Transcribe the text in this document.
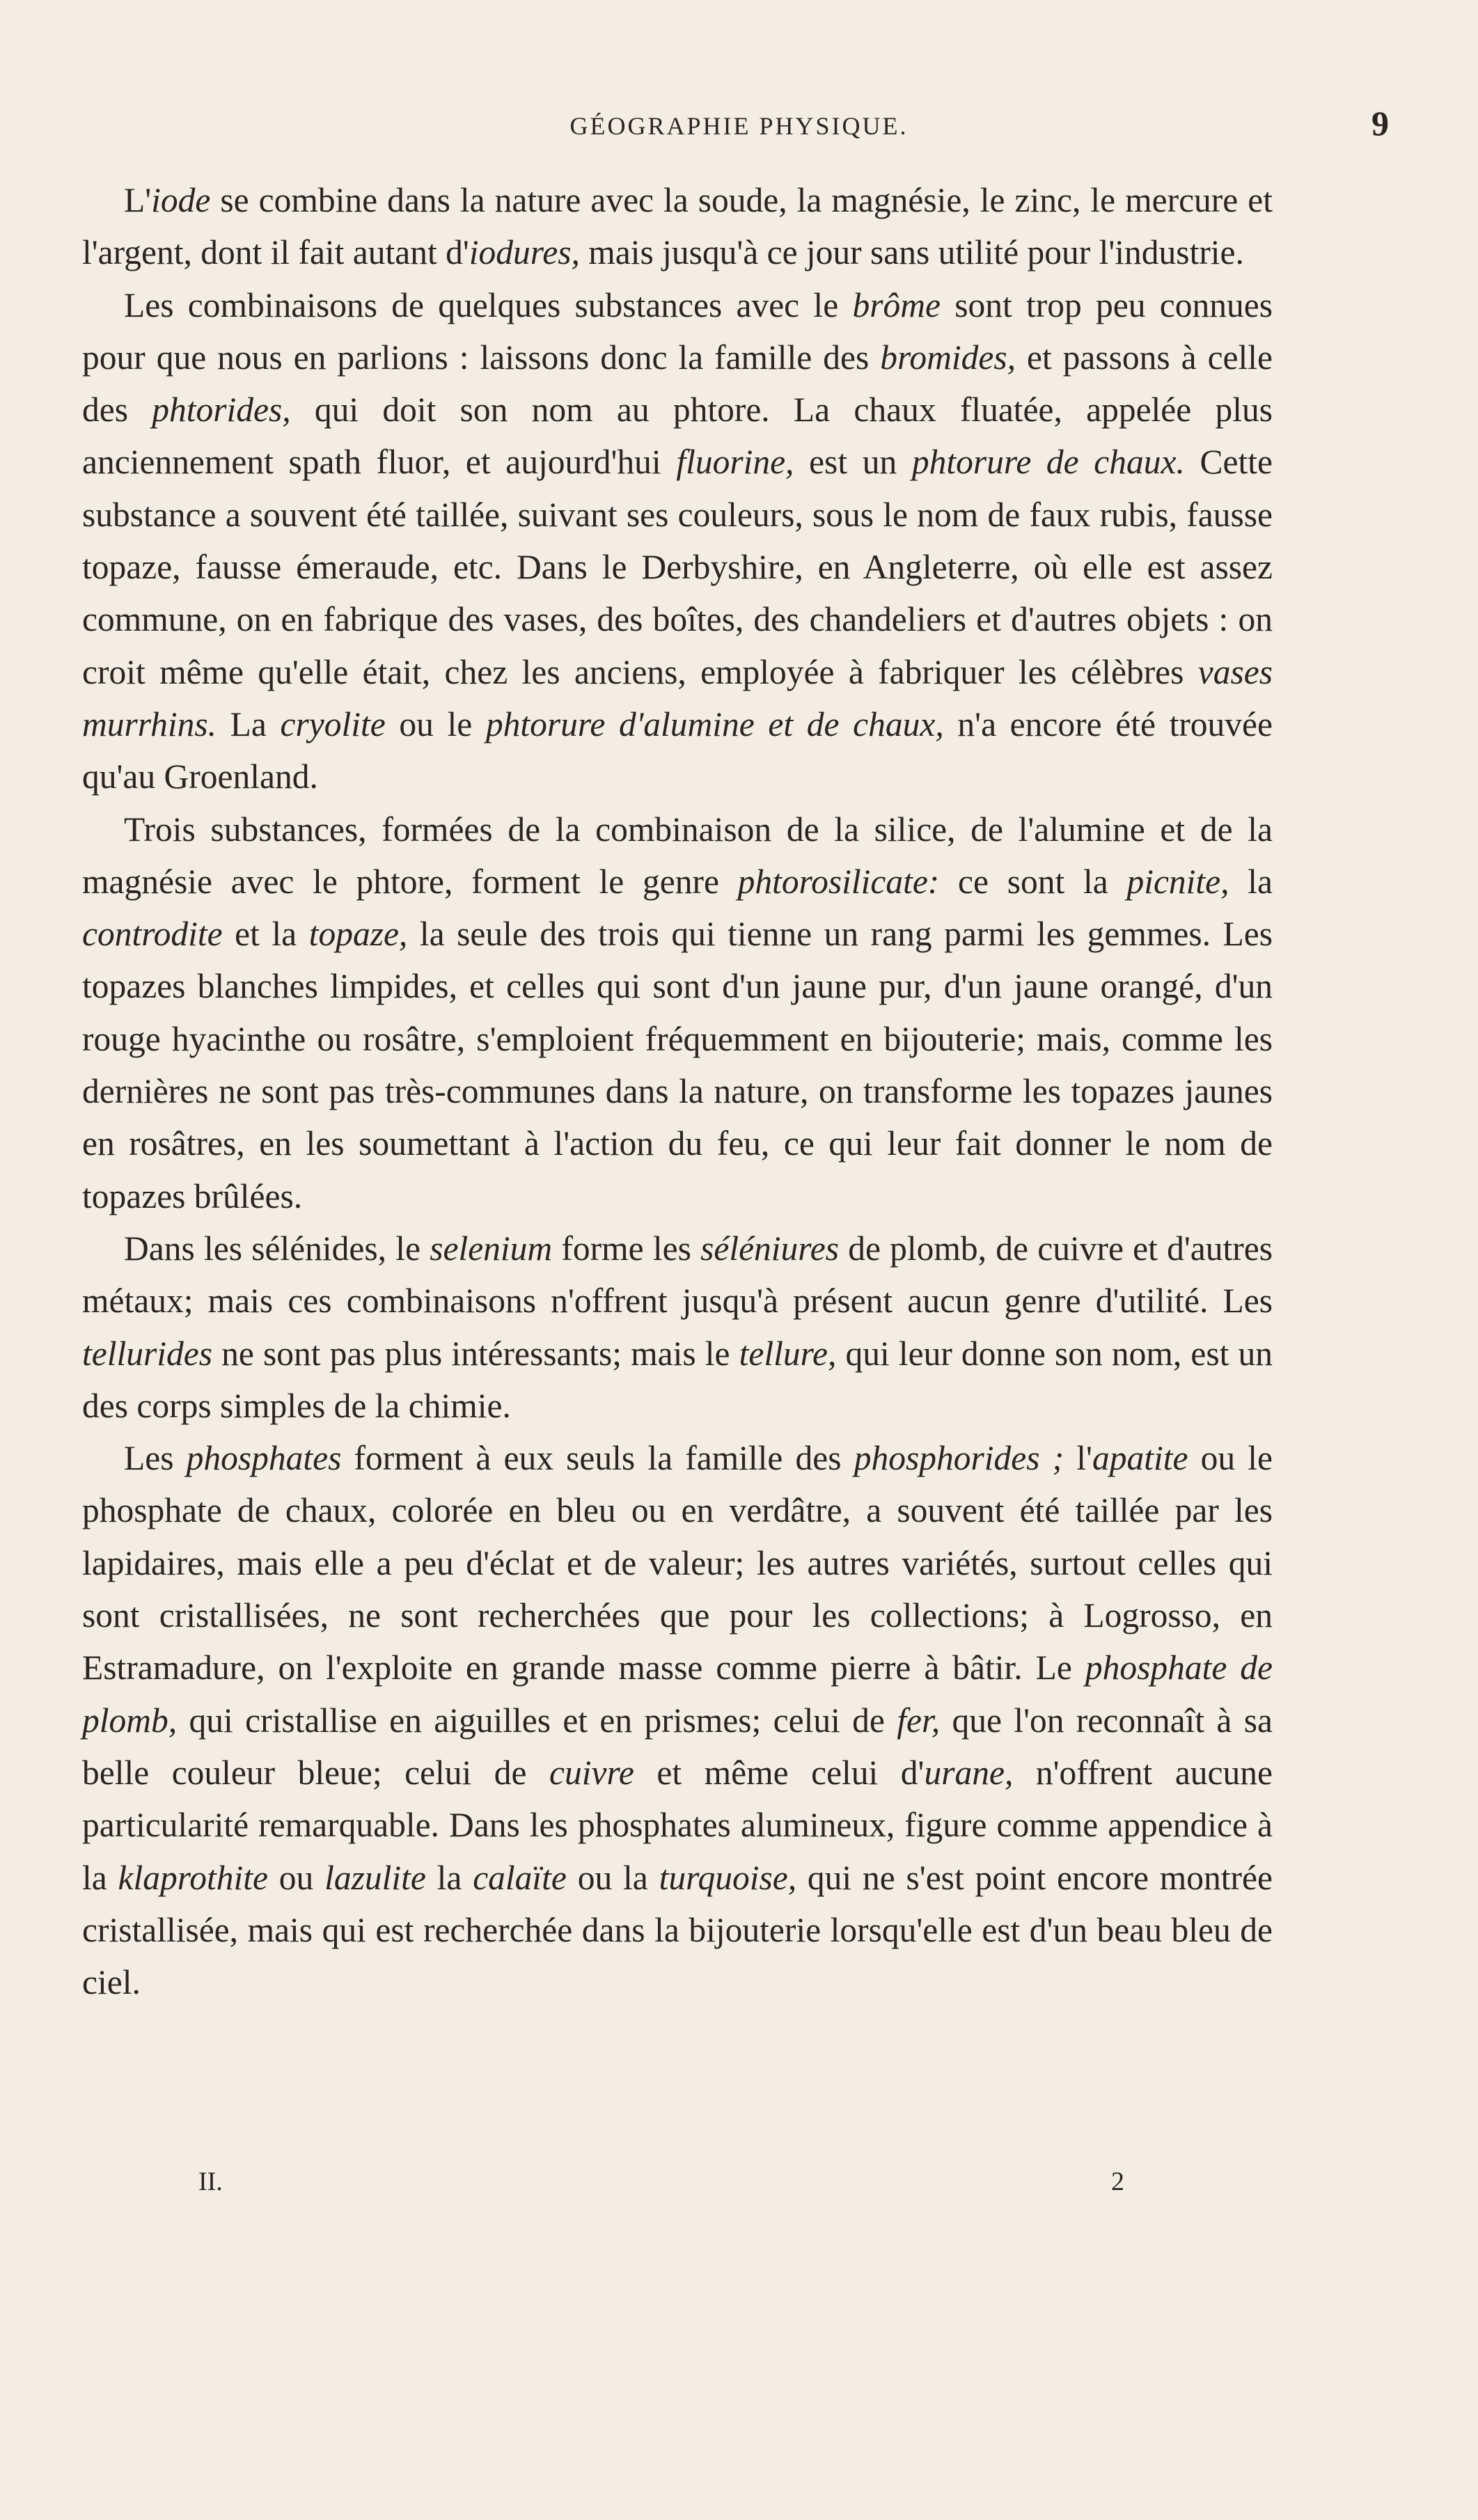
GÉOGRAPHIE PHYSIQUE.	9

L'iode se combine dans la nature avec la soude, la magnésie, le zinc, le mercure et l'argent, dont il fait autant d'iodures, mais jusqu'à ce jour sans utilité pour l'industrie.

Les combinaisons de quelques substances avec le brôme sont trop peu connues pour que nous en parlions : laissons donc la famille des bromides, et passons à celle des phtorides, qui doit son nom au phtore. La chaux fluatée, appelée plus anciennement spath fluor, et aujourd'hui fluorine, est un phtorure de chaux. Cette substance a souvent été taillée, suivant ses couleurs, sous le nom de faux rubis, fausse topaze, fausse émeraude, etc. Dans le Derbyshire, en Angleterre, où elle est assez commune, on en fabrique des vases, des boîtes, des chandeliers et d'autres objets : on croit même qu'elle était, chez les anciens, employée à fabriquer les célèbres vases murrhins. La cryolite ou le phtorure d'alumine et de chaux, n'a encore été trouvée qu'au Groenland.

Trois substances, formées de la combinaison de la silice, de l'alumine et de la magnésie avec le phtore, forment le genre phtorosilicate: ce sont la picnite, la controdite et la topaze, la seule des trois qui tienne un rang parmi les gemmes. Les topazes blanches limpides, et celles qui sont d'un jaune pur, d'un jaune orangé, d'un rouge hyacinthe ou rosâtre, s'emploient fréquemment en bijouterie; mais, comme les dernières ne sont pas très-communes dans la nature, on transforme les topazes jaunes en rosâtres, en les soumettant à l'action du feu, ce qui leur fait donner le nom de topazes brûlées.

Dans les sélénides, le selenium forme les séléniures de plomb, de cuivre et d'autres métaux; mais ces combinaisons n'offrent jusqu'à présent aucun genre d'utilité. Les tellurides ne sont pas plus intéressants; mais le tellure, qui leur donne son nom, est un des corps simples de la chimie.

Les phosphates forment à eux seuls la famille des phosphorides ; l'apatite ou le phosphate de chaux, colorée en bleu ou en verdâtre, a souvent été taillée par les lapidaires, mais elle a peu d'éclat et de valeur; les autres variétés, surtout celles qui sont cristallisées, ne sont recherchées que pour les collections; à Logrosso, en Estramadure, on l'exploite en grande masse comme pierre à bâtir. Le phosphate de plomb, qui cristallise en aiguilles et en prismes; celui de fer, que l'on reconnaît à sa belle couleur bleue; celui de cuivre et même celui d'urane, n'offrent aucune particularité remarquable. Dans les phosphates alumineux, figure comme appendice à la klaprothite ou lazulite la calaïte ou la turquoise, qui ne s'est point encore montrée cristallisée, mais qui est recherchée dans la bijouterie lorsqu'elle est d'un beau bleu de ciel.

II.	2
